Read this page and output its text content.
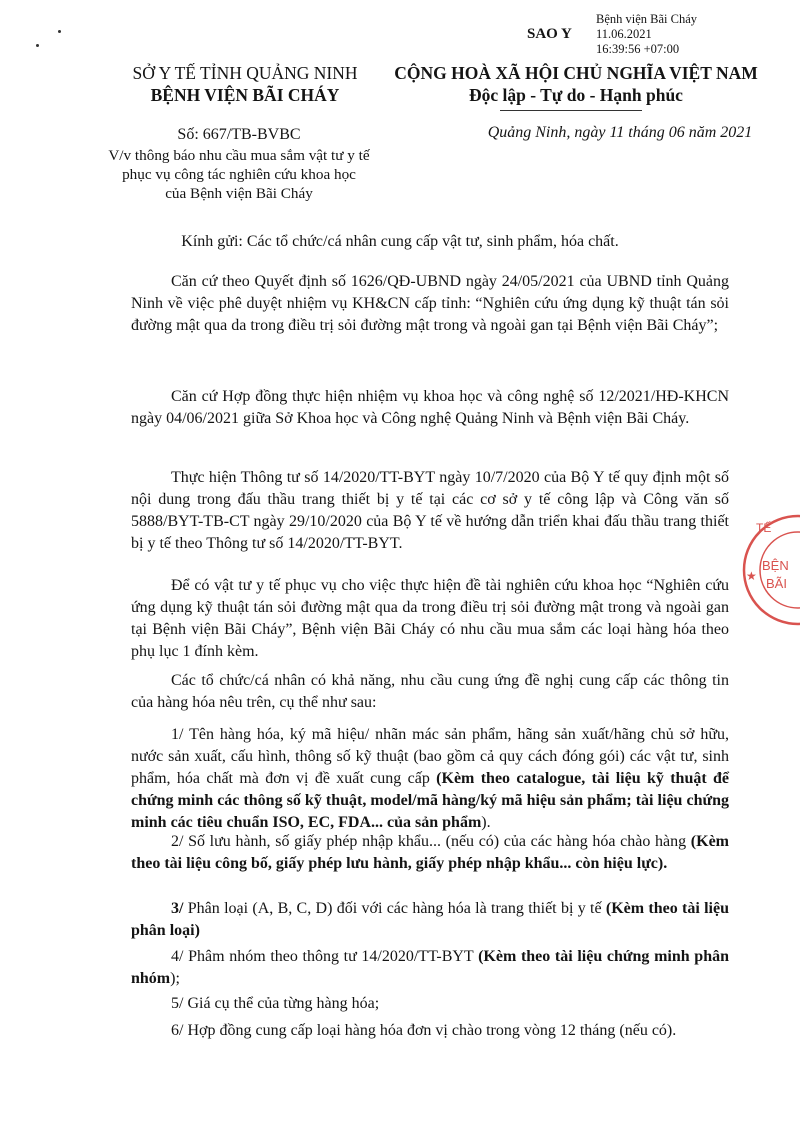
SAO Y
Bệnh viện Bãi Cháy
11.06.2021
16:39:56 +07:00
SỞ Y TẾ TỈNH QUẢNG NINH
BỆNH VIỆN BÃI CHÁY
CỘNG HOÀ XÃ HỘI CHỦ NGHĨA VIỆT NAM
Độc lập - Tự do - Hạnh phúc
Số: 667/TB-BVBC
V/v thông báo nhu cầu mua sắm vật tư y tế
phục vụ công tác nghiên cứu khoa học
của Bệnh viện Bãi Cháy
Quảng Ninh, ngày 11 tháng 06 năm 2021
Kính gửi: Các tổ chức/cá nhân cung cấp vật tư, sinh phẩm, hóa chất.
Căn cứ theo Quyết định số 1626/QĐ-UBND ngày 24/05/2021 của UBND tỉnh Quảng Ninh về việc phê duyệt nhiệm vụ KH&CN cấp tỉnh: “Nghiên cứu ứng dụng kỹ thuật tán sỏi đường mật qua da trong điều trị sỏi đường mật trong và ngoài gan tại Bệnh viện Bãi Cháy”;
Căn cứ Hợp đồng thực hiện nhiệm vụ khoa học và công nghệ số 12/2021/HĐ-KHCN ngày 04/06/2021 giữa Sở Khoa học và Công nghệ Quảng Ninh và Bệnh viện Bãi Cháy.
Thực hiện Thông tư số 14/2020/TT-BYT ngày 10/7/2020 của Bộ Y tế quy định một số nội dung trong đấu thầu trang thiết bị y tế tại các cơ sở y tế công lập và Công văn số 5888/BYT-TB-CT ngày 29/10/2020 của Bộ Y tế về hướng dẫn triển khai đấu thầu trang thiết bị y tế theo Thông tư số 14/2020/TT-BYT.
Để có vật tư y tế phục vụ cho việc thực hiện đề tài nghiên cứu khoa học “Nghiên cứu ứng dụng kỹ thuật tán sỏi đường mật qua da trong điều trị sỏi đường mật trong và ngoài gan tại Bệnh viện Bãi Cháy”, Bệnh viện Bãi Cháy có nhu cầu mua sắm các loại hàng hóa theo phụ lục 1 đính kèm.
Các tổ chức/cá nhân có khả năng, nhu cầu cung ứng đề nghị cung cấp các thông tin của hàng hóa nêu trên, cụ thể như sau:
1/ Tên hàng hóa, ký mã hiệu/ nhãn mác sản phẩm, hãng sản xuất/hãng chủ sở hữu, nước sản xuất, cấu hình, thông số kỹ thuật (bao gồm cả quy cách đóng gói) các vật tư, sinh phẩm, hóa chất mà đơn vị đề xuất cung cấp (Kèm theo catalogue, tài liệu kỹ thuật để chứng minh các thông số kỹ thuật, model/mã hàng/ký mã hiệu sản phẩm; tài liệu chứng minh các tiêu chuẩn ISO, EC, FDA... của sản phẩm).
2/ Số lưu hành, số giấy phép nhập khẩu... (nếu có) của các hàng hóa chào hàng (Kèm theo tài liệu công bố, giấy phép lưu hành, giấy phép nhập khẩu... còn hiệu lực).
3/ Phân loại (A, B, C, D) đối với các hàng hóa là trang thiết bị y tế (Kèm theo tài liệu phân loại)
4/ Phâm nhóm theo thông tư 14/2020/TT-BYT (Kèm theo tài liệu chứng minh phân nhóm);
5/ Giá cụ thể của từng hàng hóa;
6/ Hợp đồng cung cấp loại hàng hóa đơn vị chào trong vòng 12 tháng (nếu có).
TẾ
BỆN
BÃI
★
